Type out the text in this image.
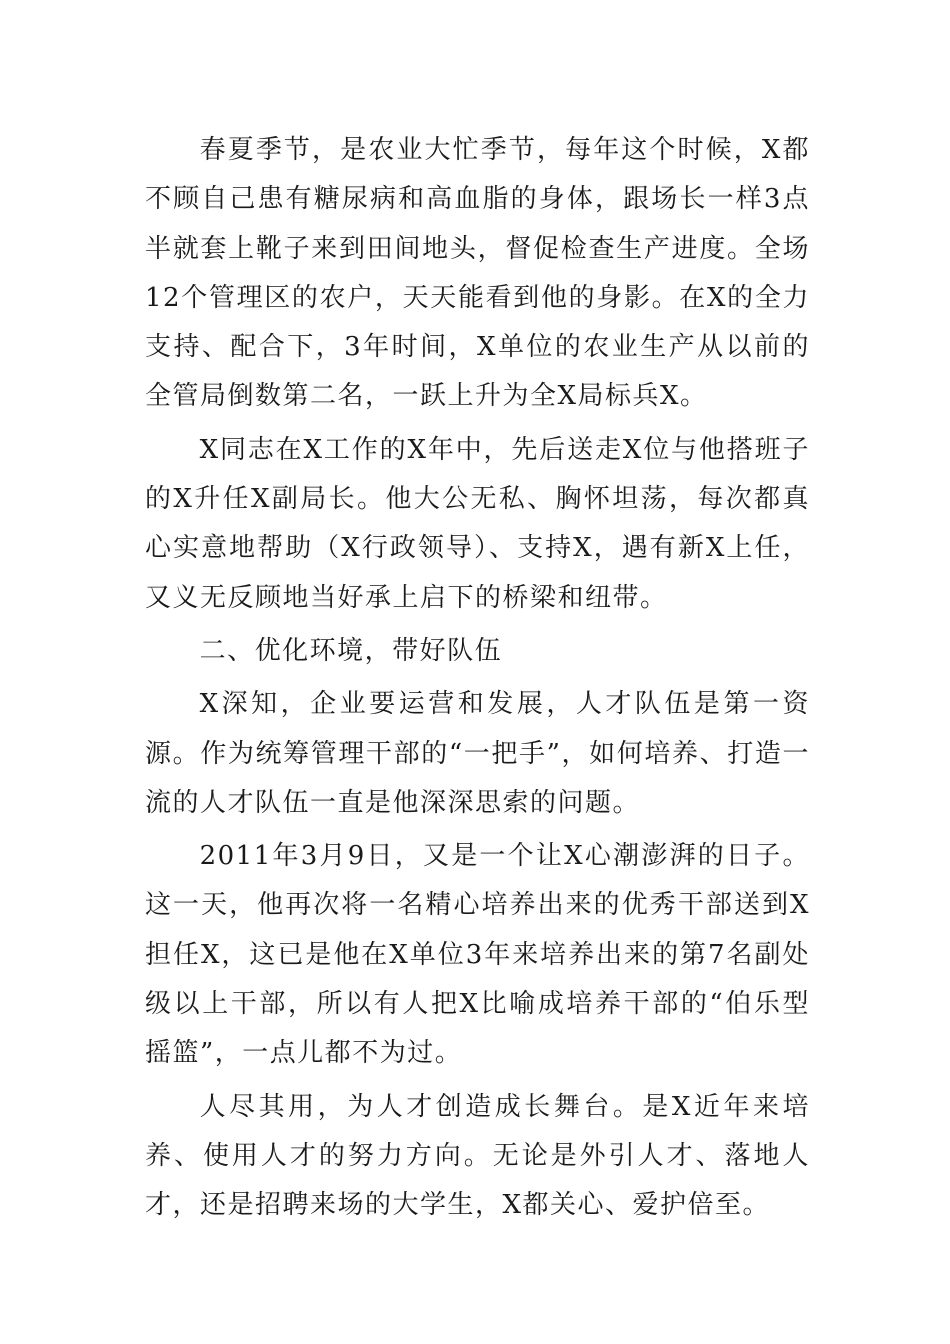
春夏季节，是农业大忙季节，每年这个时候，X都不顾自己患有糖尿病和高血脂的身体，跟场长一样3点半就套上靴子来到田间地头，督促检查生产进度。全场12个管理区的农户，天天能看到他的身影。在X的全力支持、配合下，3年时间，X单位的农业生产从以前的全管局倒数第二名，一跃上升为全X局标兵X。

X同志在X工作的X年中，先后送走X位与他搭班子的X升任X副局长。他大公无私、胸怀坦荡，每次都真心实意地帮助（X行政领导）、支持X，遇有新X上任，又义无反顾地当好承上启下的桥梁和纽带。

二、优化环境，带好队伍

X深知，企业要运营和发展，人才队伍是第一资源。作为统筹管理干部的“一把手”，如何培养、打造一流的人才队伍一直是他深深思索的问题。

2011年3月9日，又是一个让X心潮澎湃的日子。这一天，他再次将一名精心培养出来的优秀干部送到X担任X，这已是他在X单位3年来培养出来的第7名副处级以上干部，所以有人把X比喻成培养干部的“伯乐型摇篮”，一点儿都不为过。

人尽其用，为人才创造成长舞台。是X近年来培养、使用人才的努力方向。无论是外引人才、落地人才，还是招聘来场的大学生，X都关心、爱护倍至。
